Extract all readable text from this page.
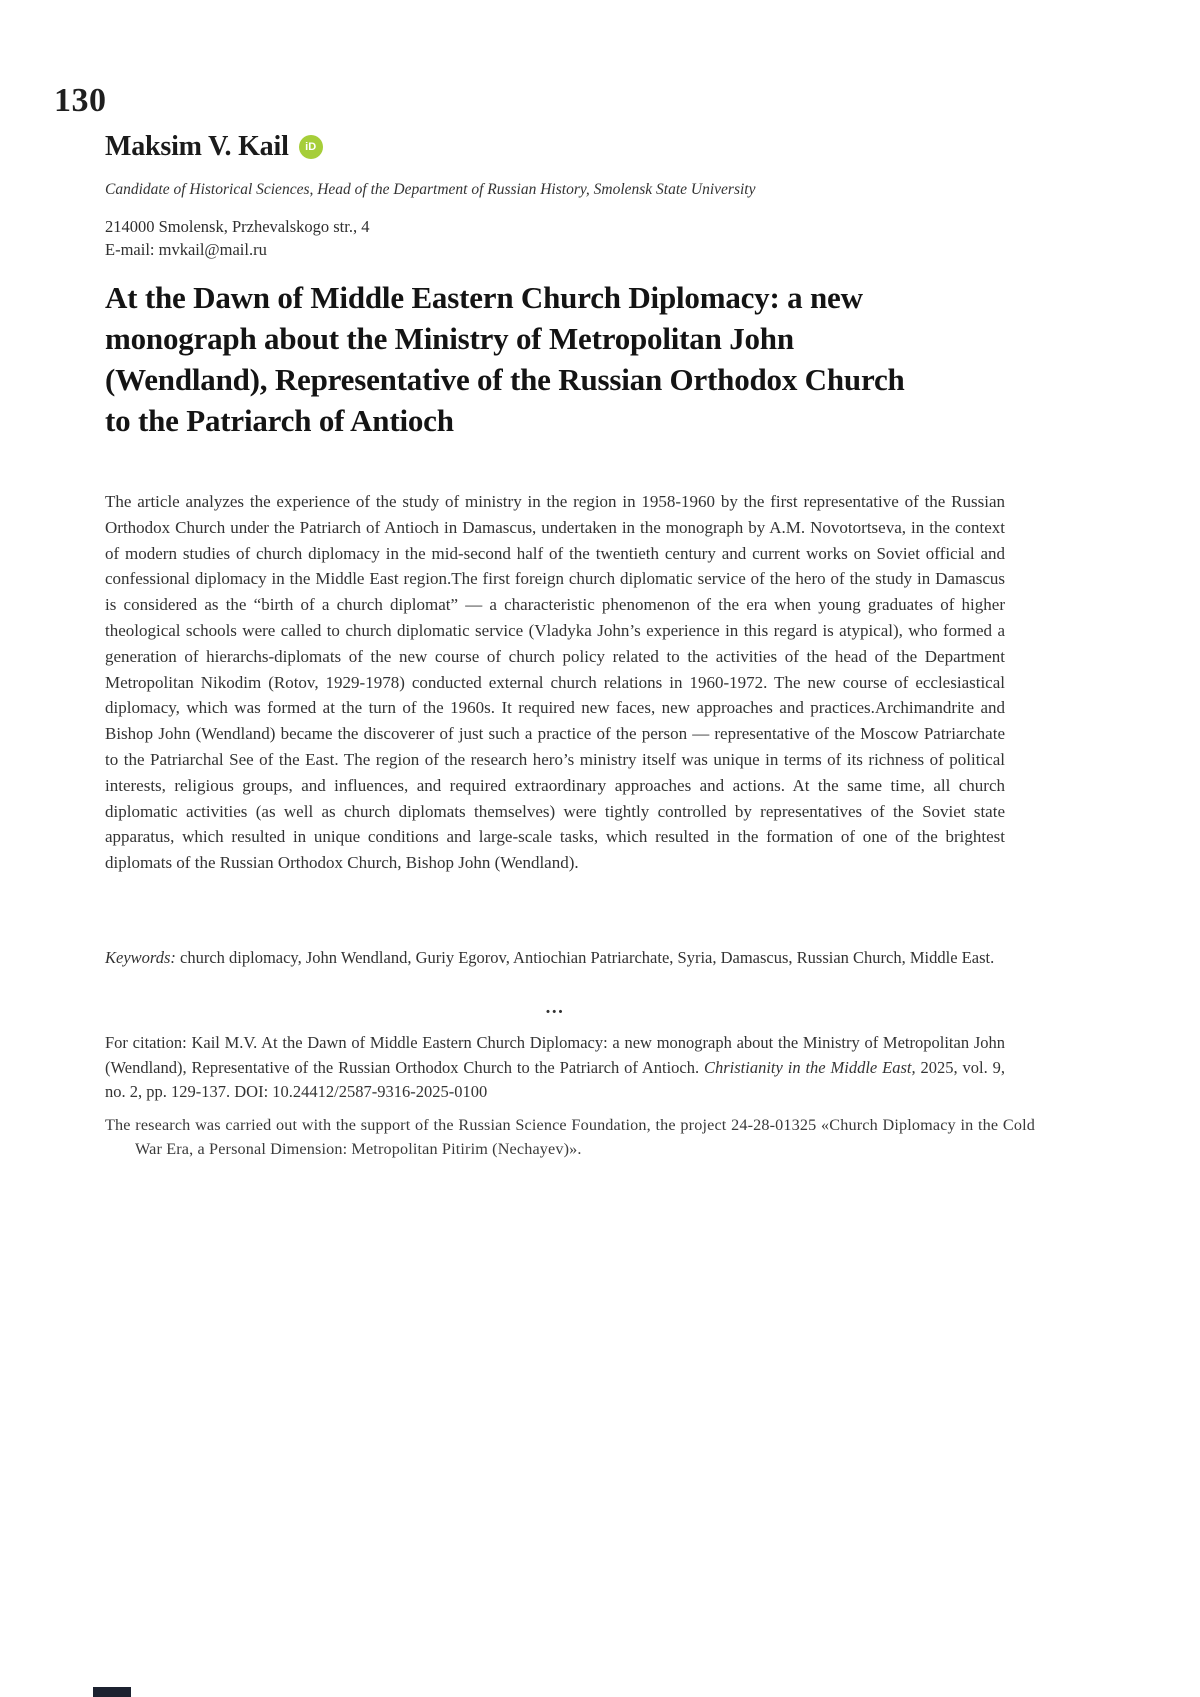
130
Maksim V. Kail	iD
Candidate of Historical Sciences, Head of the Department of Russian History, Smolensk State University
214000 Smolensk, Przhevalskogo str., 4
E-mail: mvkail@mail.ru
At the Dawn of Middle Eastern Church Diplomacy: a new
monograph about the Ministry of Metropolitan John
(Wendland), Representative of the Russian Orthodox Church
to the Patriarch of Antioch
The article analyzes the experience of the study of ministry in the region in 1958-1960 by the first representative of the Russian Orthodox Church under the Patriarch of Antioch in Damascus, undertaken in the monograph by A.M. Novotortseva, in the context of modern studies of church diplomacy in the mid-second half of the twentieth century and current works on Soviet official and confessional diplomacy in the Middle East region.The first foreign church diplomatic service of the hero of the study in Damascus is considered as the “birth of a church diplomat” — a characteristic phenomenon of the era when young graduates of higher theological schools were called to church diplomatic service (Vladyka John’s experience in this regard is atypical), who formed a generation of hierarchs-diplomats of the new course of church policy related to the activities of the head of the Department Metropolitan Nikodim (Rotov, 1929-1978) conducted external church relations in 1960-1972. The new course of ecclesiastical diplomacy, which was formed at the turn of the 1960s. It required new faces, new approaches and practices.Archimandrite and Bishop John (Wendland) became the discoverer of just such a practice of the person — representative of the Moscow Patriarchate to the Patriarchal See of the East. The region of the research hero’s ministry itself was unique in terms of its richness of political interests, religious groups, and influences, and required extraordinary approaches and actions. At the same time, all church diplomatic activities (as well as church diplomats themselves) were tightly controlled by representatives of the Soviet state apparatus, which resulted in unique conditions and large-scale tasks, which resulted in the formation of one of the brightest diplomats of the Russian Orthodox Church, Bishop John (Wendland).
Keywords: church diplomacy, John Wendland, Guriy Egorov, Antiochian Patriarchate, Syria, Damascus, Russian Church, Middle East.
...
For citation: Kail M.V. At the Dawn of Middle Eastern Church Diplomacy: a new monograph about the Ministry of Metropolitan John (Wendland), Representative of the Russian Orthodox Church to the Patriarch of Antioch. Christianity in the Middle East, 2025, vol. 9, no. 2, pp. 129-137. DOI: 10.24412/2587-9316-2025-0100
The research was carried out with the support of the Russian Science Foundation, the project 24-28-01325 «Church Diplomacy in the Cold War Era, a Personal Dimension: Metropolitan Pitirim (Nechayev)».
